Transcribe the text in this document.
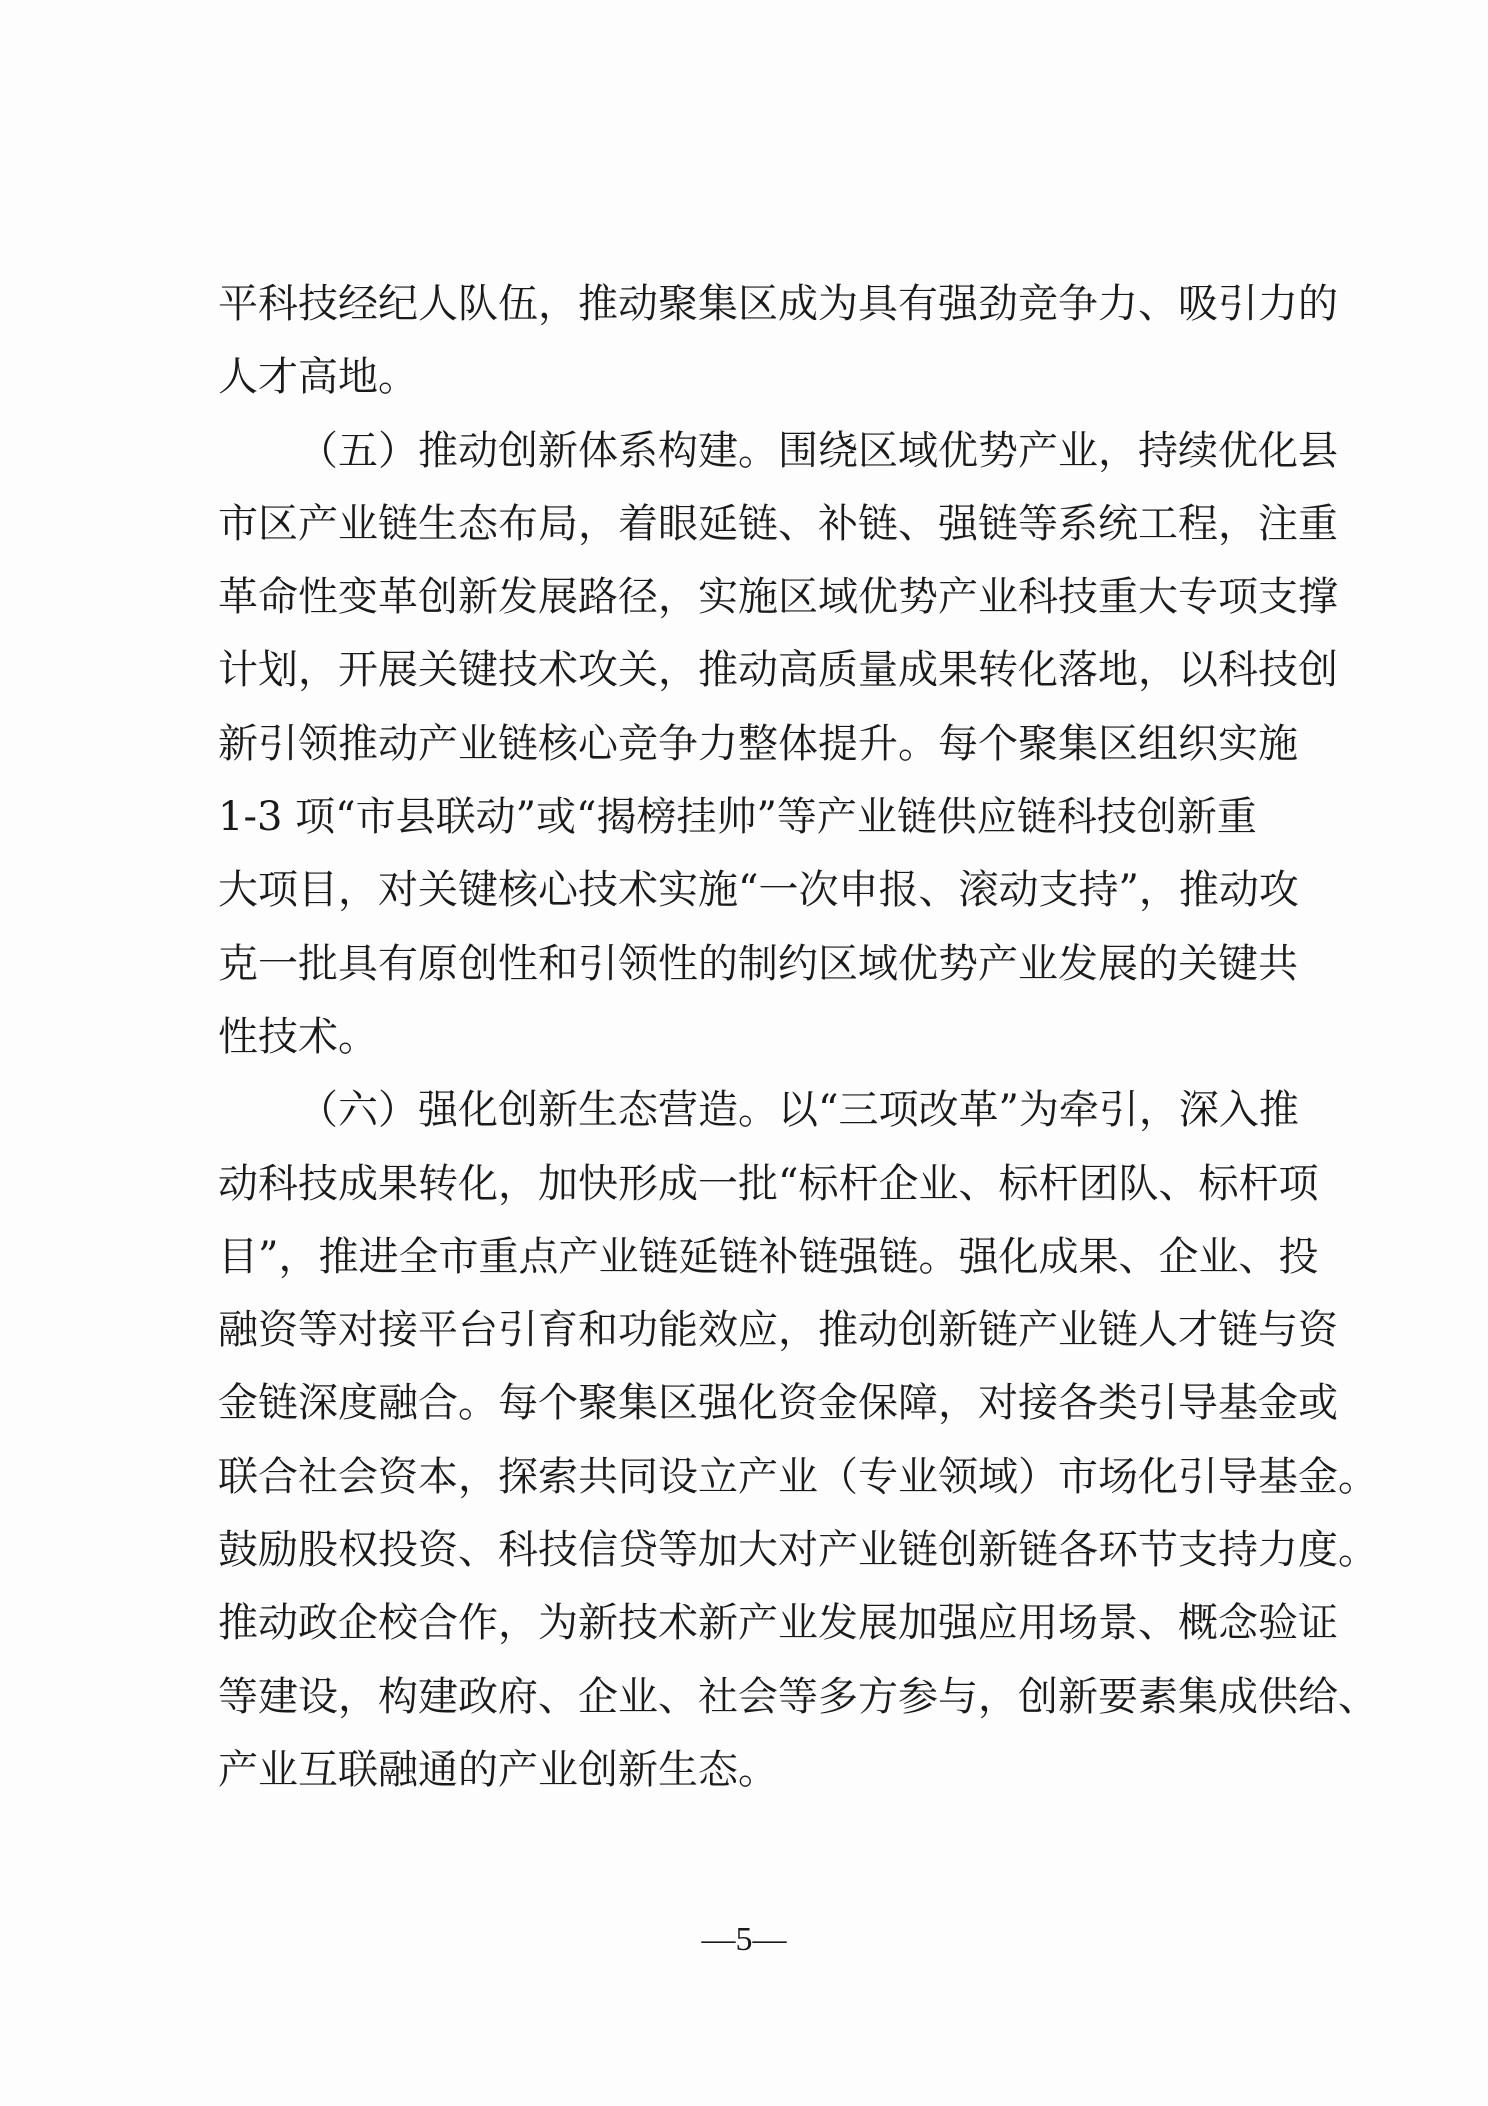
平科技经纪人队伍，推动聚集区成为具有强劲竞争力、吸引力的
人才高地。
（五）推动创新体系构建。围绕区域优势产业，持续优化县
市区产业链生态布局，着眼延链、补链、强链等系统工程，注重
革命性变革创新发展路径，实施区域优势产业科技重大专项支撑
计划，开展关键技术攻关，推动高质量成果转化落地，以科技创
新引领推动产业链核心竞争力整体提升。每个聚集区组织实施
1-3 项“市县联动”或“揭榜挂帅”等产业链供应链科技创新重
大项目，对关键核心技术实施“一次申报、滚动支持”，推动攻
克一批具有原创性和引领性的制约区域优势产业发展的关键共
性技术。
（六）强化创新生态营造。以“三项改革”为牵引，深入推
动科技成果转化，加快形成一批“标杆企业、标杆团队、标杆项
目”，推进全市重点产业链延链补链强链。强化成果、企业、投
融资等对接平台引育和功能效应，推动创新链产业链人才链与资
金链深度融合。每个聚集区强化资金保障，对接各类引导基金或
联合社会资本，探索共同设立产业（专业领域）市场化引导基金。
鼓励股权投资、科技信贷等加大对产业链创新链各环节支持力度。
推动政企校合作，为新技术新产业发展加强应用场景、概念验证
等建设，构建政府、企业、社会等多方参与，创新要素集成供给、
产业互联融通的产业创新生态。
—5—
